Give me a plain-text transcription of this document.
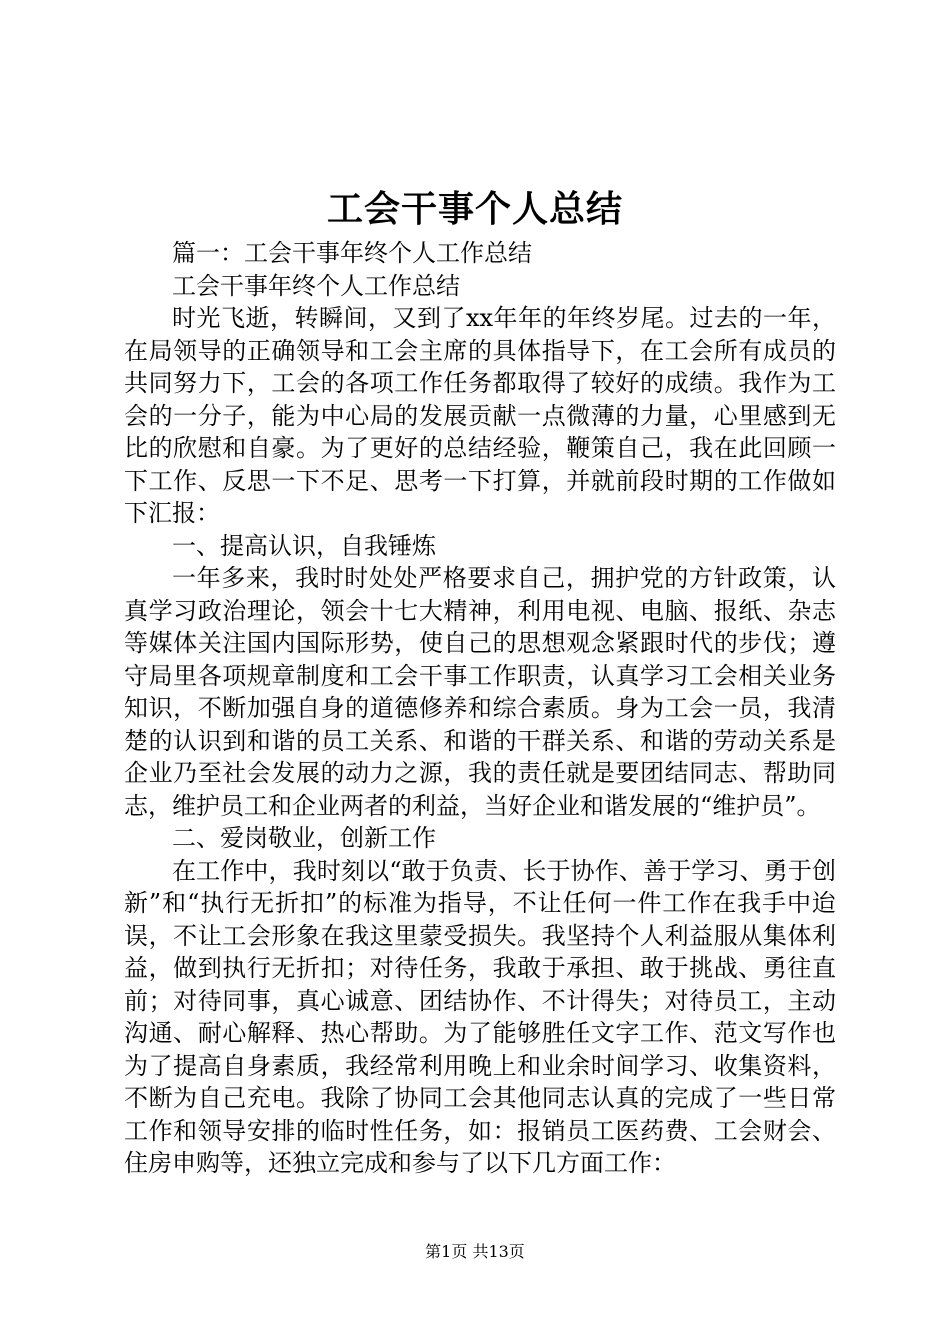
工会干事个人总结

篇一：工会干事年终个人工作总结

工会干事年终个人工作总结

时光飞逝，转瞬间，又到了xx年年的年终岁尾。过去的一年，在局领导的正确领导和工会主席的具体指导下，在工会所有成员的共同努力下，工会的各项工作任务都取得了较好的成绩。我作为工会的一分子，能为中心局的发展贡献一点微薄的力量，心里感到无比的欣慰和自豪。为了更好的总结经验，鞭策自己，我在此回顾一下工作、反思一下不足、思考一下打算，并就前段时期的工作做如下汇报：

一、提高认识，自我锤炼

一年多来，我时时处处严格要求自己，拥护党的方针政策，认真学习政治理论，领会十七大精神，利用电视、电脑、报纸、杂志等媒体关注国内国际形势，使自己的思想观念紧跟时代的步伐；遵守局里各项规章制度和工会干事工作职责，认真学习工会相关业务知识，不断加强自身的道德修养和综合素质。身为工会一员，我清楚的认识到和谐的员工关系、和谐的干群关系、和谐的劳动关系是企业乃至社会发展的动力之源，我的责任就是要团结同志、帮助同志，维护员工和企业两者的利益，当好企业和谐发展的“维护员”。

二、爱岗敬业，创新工作

在工作中，我时刻以“敢于负责、长于协作、善于学习、勇于创新”和“执行无折扣”的标准为指导，不让任何一件工作在我手中迨误，不让工会形象在我这里蒙受损失。我坚持个人利益服从集体利益，做到执行无折扣；对待任务，我敢于承担、敢于挑战、勇往直前；对待同事，真心诚意、团结协作、不计得失；对待员工，主动沟通、耐心解释、热心帮助。为了能够胜任文字工作、范文写作也为了提高自身素质，我经常利用晚上和业余时间学习、收集资料，不断为自己充电。我除了协同工会其他同志认真的完成了一些日常工作和领导安排的临时性任务，如：报销员工医药费、工会财会、住房申购等，还独立完成和参与了以下几方面工作：

第1页 共13页
